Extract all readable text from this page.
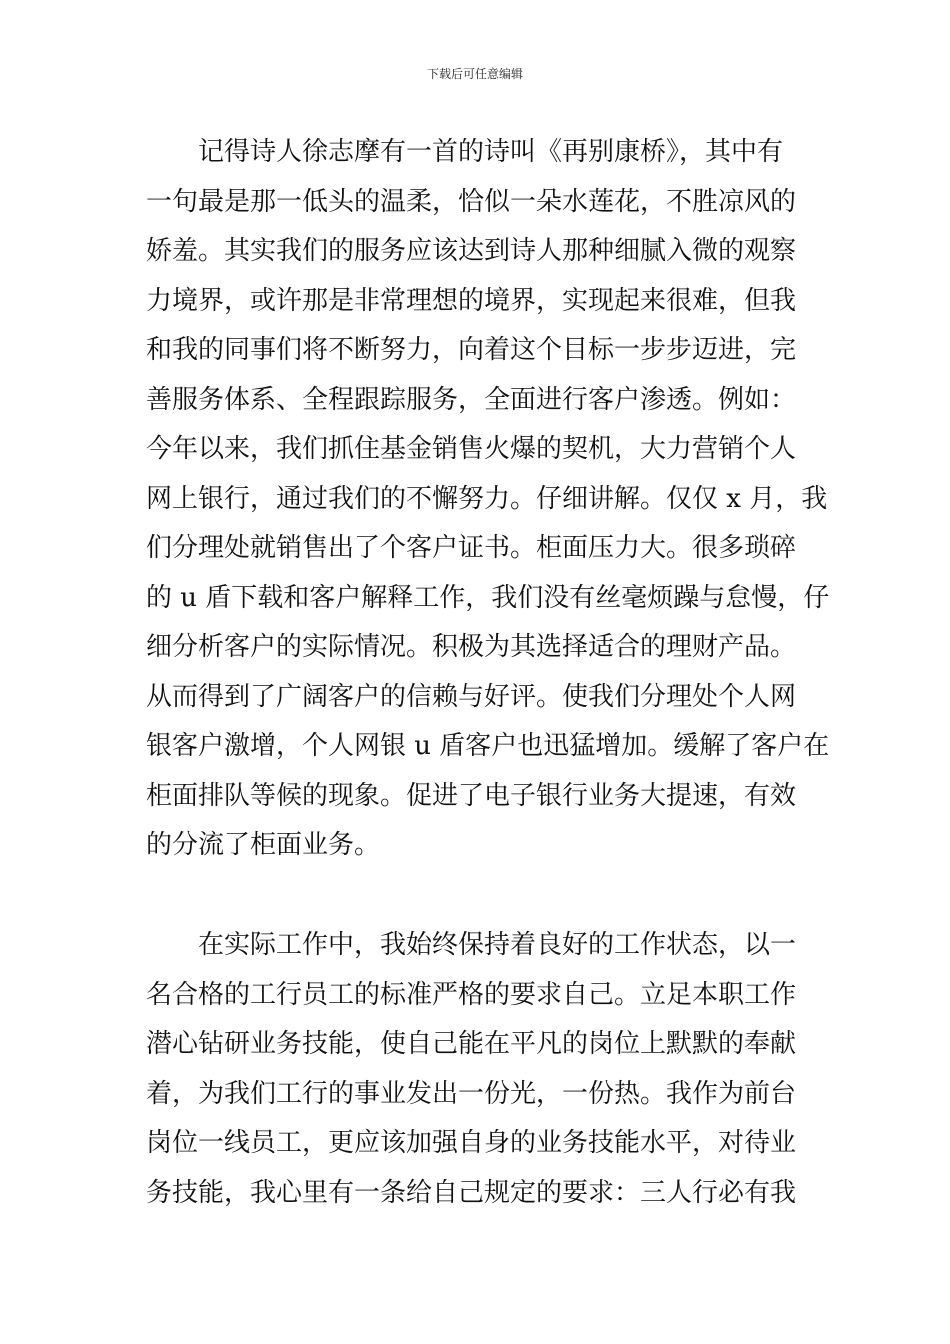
下载后可任意编辑
记得诗人徐志摩有一首的诗叫《再别康桥》，其中有
一句最是那一低头的温柔，恰似一朵水莲花，不胜凉风的
娇羞。其实我们的服务应该达到诗人那种细腻入微的观察
力境界，或许那是非常理想的境界，实现起来很难，但我
和我的同事们将不断努力，向着这个目标一步步迈进，完
善服务体系、全程跟踪服务，全面进行客户渗透。例如：
今年以来，我们抓住基金销售火爆的契机，大力营销个人
网上银行，通过我们的不懈努力。仔细讲解。仅仅 x 月，我
们分理处就销售出了个客户证书。柜面压力大。很多琐碎
的 u 盾下载和客户解释工作，我们没有丝毫烦躁与怠慢，仔
细分析客户的实际情况。积极为其选择适合的理财产品。
从而得到了广阔客户的信赖与好评。使我们分理处个人网
银客户激增，个人网银 u 盾客户也迅猛增加。缓解了客户在
柜面排队等候的现象。促进了电子银行业务大提速，有效
的分流了柜面业务。
在实际工作中，我始终保持着良好的工作状态，以一
名合格的工行员工的标准严格的要求自己。立足本职工作
潜心钻研业务技能，使自己能在平凡的岗位上默默的奉献
着，为我们工行的事业发出一份光，一份热。我作为前台
岗位一线员工，更应该加强自身的业务技能水平，对待业
务技能，我心里有一条给自己规定的要求：三人行必有我
